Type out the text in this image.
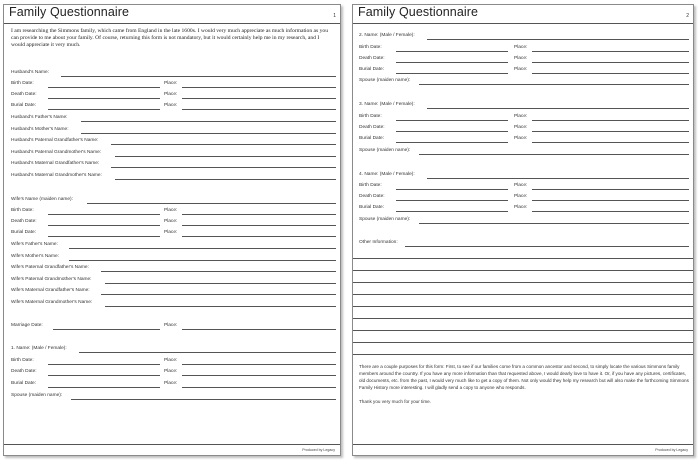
Family Questionnaire	1
I am researching the Simmons family, which came from England in the late 1600s. I would very much appreciate as much information as you can provide to me about your family. Of course, returning this form is not mandatory, but it would certainly help me in my research, and I would appreciate it very much.
Husband's Name:
Birth Date:	Place:
Death Date:	Place:
Burial Date:	Place:
Husband's Father's Name:
Husband's Mother's Name:
Husband's Paternal Grandfather's Name:
Husband's Paternal Grandmother's Name:
Husband's Maternal Grandfather's Name:
Husband's Maternal Grandmother's Name:
Wife's Name (maiden name):
Birth Date:	Place:
Death Date:	Place:
Burial Date:	Place:
Wife's Father's Name:
Wife's Mother's Name:
Wife's Paternal Grandfather's Name:
Wife's Paternal Grandmother's Name:
Wife's Maternal Grandfather's Name:
Wife's Maternal Grandmother's Name:
Marriage Date:	Place:
1. Name: (Male / Female):
Birth Date:	Place:
Death Date:	Place:
Burial Date:	Place:
Spouse (maiden name):
Produced by Legacy
Family Questionnaire	2
2. Name: (Male / Female):
Birth Date:	Place:
Death Date:	Place:
Burial Date:	Place:
Spouse (maiden name):
3. Name: (Male / Female):
Birth Date:	Place:
Death Date:	Place:
Burial Date:	Place:
Spouse (maiden name):
4. Name: (Male / Female):
Birth Date:	Place:
Death Date:	Place:
Burial Date:	Place:
Spouse (maiden name):
Other Information:

There are a couple purposes for this form: First, to see if our families come from a common ancestor and second, to simply locate the various Simmons family members around the country. If you have any more information than that requested above, I would dearly love to have it. Or, if you have any pictures, certificates, old documents, etc. from the past, I would very much like to get a copy of them. Not only would they help my research but will also make the forthcoming Simmons Family History more interesting. I will gladly send a copy to anyone who responds.

Thank you very much for your time.

Produced by Legacy
